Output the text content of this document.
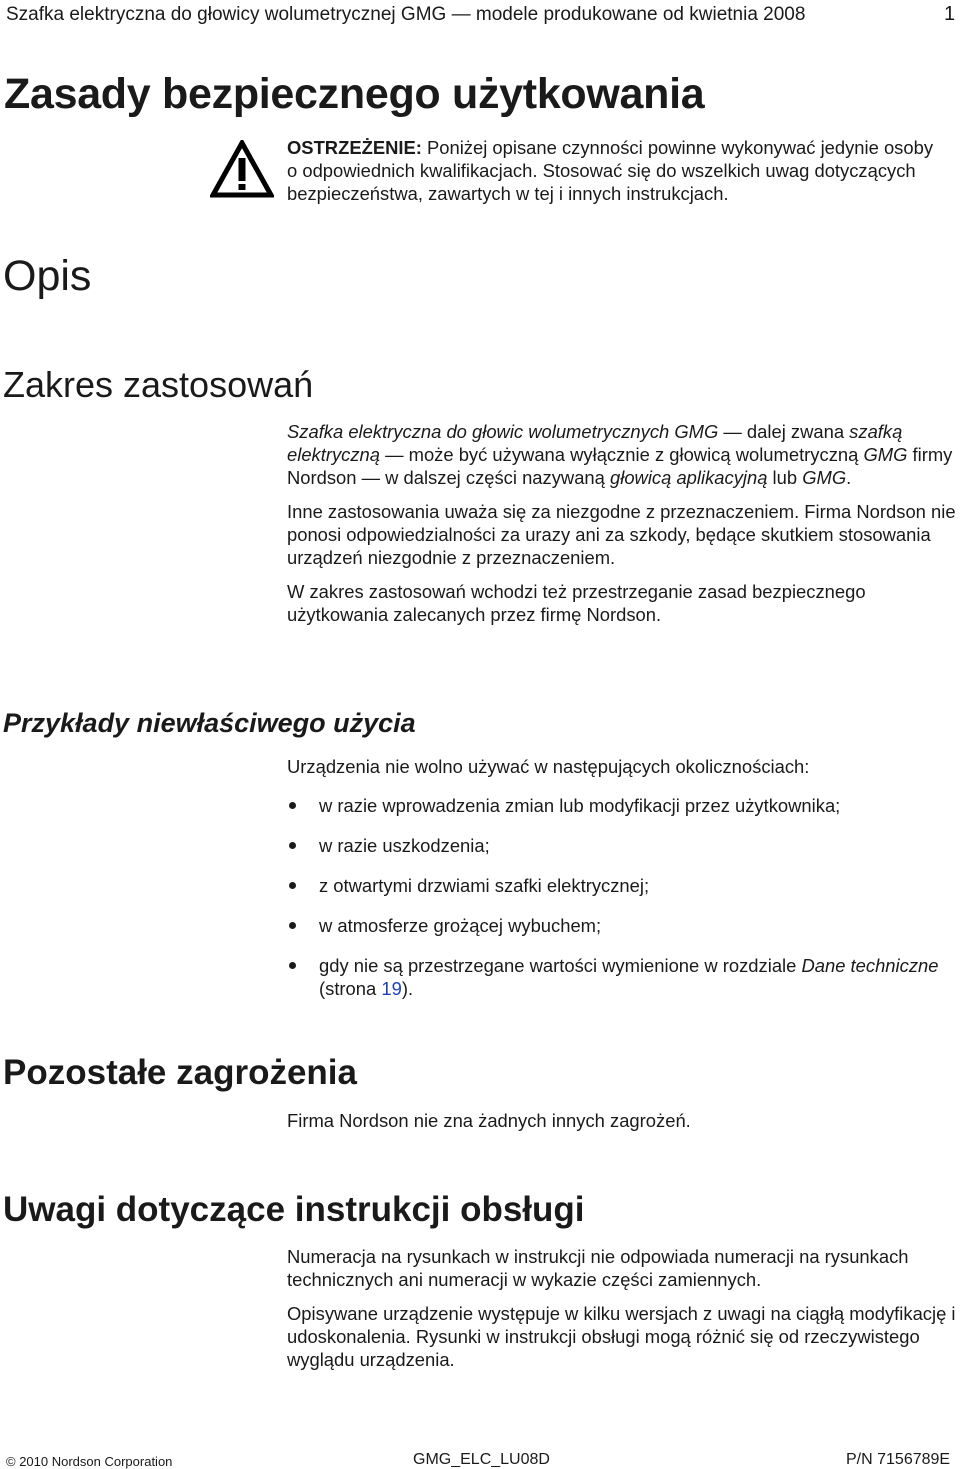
Szafka elektryczna do głowicy wolumetrycznej GMG — modele produkowane od kwietnia 2008	1
Zasady bezpiecznego użytkowania

OSTRZEŻENIE: Poniżej opisane czynności powinne wykonywać jedynie osoby o odpowiednich kwalifikacjach. Stosować się do wszelkich uwag dotyczących bezpieczeństwa, zawartych w tej i innych instrukcjach.

Opis
Zakres zastosowań

Szafka elektryczna do głowic wolumetrycznych GMG — dalej zwana szafką elektryczną — może być używana wyłącznie z głowicą wolumetryczną GMG firmy Nordson — w dalszej części nazywaną głowicą aplikacyjną lub GMG.

Inne zastosowania uważa się za niezgodne z przeznaczeniem. Firma Nordson nie ponosi odpowiedzialności za urazy ani za szkody, będące skutkiem stosowania urządzeń niezgodnie z przeznaczeniem.

W zakres zastosowań wchodzi też przestrzeganie zasad bezpiecznego użytkowania zalecanych przez firmę Nordson.

Przykłady niewłaściwego użycia

Urządzenia nie wolno używać w następujących okolicznościach:

w razie wprowadzenia zmian lub modyfikacji przez użytkownika;
w razie uszkodzenia;
z otwartymi drzwiami szafki elektrycznej;
w atmosferze grożącej wybuchem;
gdy nie są przestrzegane wartości wymienione w rozdziale Dane techniczne (strona 19).
Pozostałe zagrożenia
Firma Nordson nie zna żadnych innych zagrożeń.
Uwagi dotyczące instrukcji obsługi

Numeracja na rysunkach w instrukcji nie odpowiada numeracji na rysunkach technicznych ani numeracji w wykazie części zamiennych.

Opisywane urządzenie występuje w kilku wersjach z uwagi na ciągłą modyfikację i udoskonalenia. Rysunki w instrukcji obsługi mogą różnić się od rzeczywistego wyglądu urządzenia.

© 2010 Nordson Corporation	GMG_ELC_LU08D	P/N 7156789E
